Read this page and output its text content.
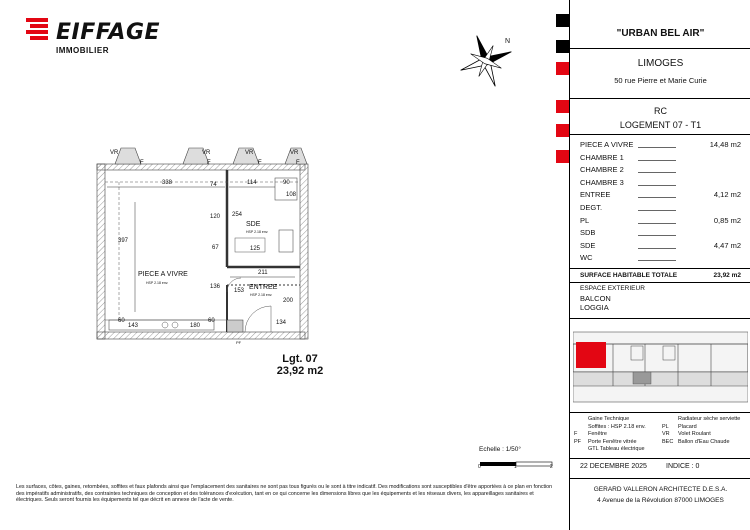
EIFFAGE
IMMOBILIER
N
VR	VR	VR	VR
F	F	F	F
338	74	114	90
120 254
108
397
67	125
211
136
153
200
60	60
143	180	134
PIECE A VIVRE
HSP 2.18 env.
SDE
HSP 2.18 env.
ENTREE
HSP 2.18 env.
PF
Lgt. 07
23,92 m2
Echelle : 1/50°
0	1	2
Les surfaces, côtes, gaines, retombées, soffites et faux plafonds ainsi que l'emplacement des sanitaires ne sont pas tous figurés ou le sont à titre indicatif. Des modifications sont susceptibles d'être apportées à ce plan en fonction des impératifs administratifs, des contraintes techniques de conception et des tolérances d'exécution, tant en ce qui concerne les dimensions libres que les équipements et les réseaux divers, les appareillages sanitaires et électriques. Seuls seront fournis les équipements tel que décrit en annexe de l'acte de vente.
"URBAN BEL AIR"
LIMOGES
50 rue Pierre et Marie Curie
RC
LOGEMENT 07 - T1
PIECE A VIVRE	14,48 m2
CHAMBRE 1
CHAMBRE 2
CHAMBRE 3
ENTREE	4,12 m2
DEGT.
PL	0,85 m2
SDB
SDE	4,47 m2
WC
SURFACE HABITABLE TOTALE	23,92 m2
ESPACE EXTERIEUR
BALCON
LOGGIA
Gaine Technique
Soffites : HSP 2.18 env.
F Fenêtre
PF Porte Fenêtre vitrée
GTL Tableau électrique
Radiateur sèche serviette
PL Placard
VR Volet Roulant
BEC Ballon d'Eau Chaude
22 DECEMBRE 2025	INDICE : 0
GERARD VALLERON ARCHITECTE D.E.S.A.
4 Avenue de la Révolution 87000 LIMOGES
